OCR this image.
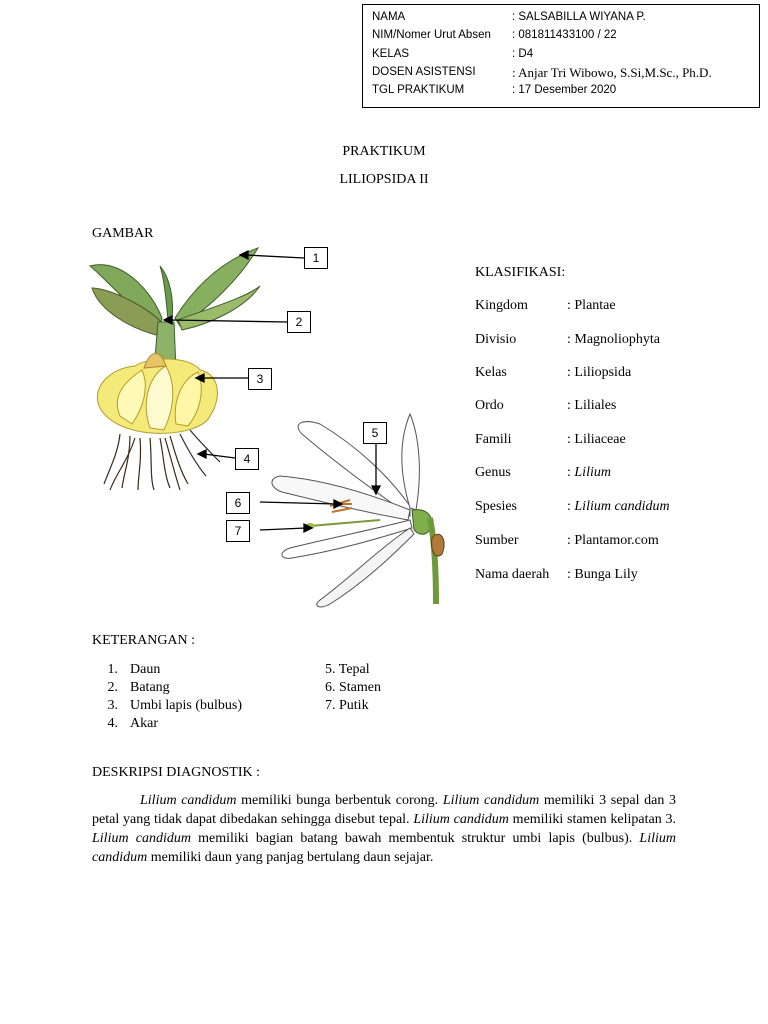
NAMA	: SALSABILLA WIYANA P.
NIM/Nomer Urut Absen	: 081811433100 / 22
KELAS	: D4
DOSEN ASISTENSI	: Anjar Tri Wibowo, S.Si,M.Sc., Ph.D.
TGL PRAKTIKUM	: 17 Desember 2020
PRAKTIKUM
LILIOPSIDA II
GAMBAR
1
2
3
4
5
6
7
KLASIFIKASI:
Kingdom	: Plantae
Divisio	: Magnoliophyta
Kelas	: Liliopsida
Ordo	: Liliales
Famili	: Liliaceae
Genus	: Lilium
Spesies	: Lilium candidum
Sumber	: Plantamor.com
Nama daerah : Bunga Lily
KETERANGAN :
1. Daun
2. Batang
3. Umbi lapis (bulbus)
4. Akar
5. Tepal
6. Stamen
7. Putik
DESKRIPSI DIAGNOSTIK :

Lilium candidum memiliki bunga berbentuk corong. Lilium candidum memiliki 3 sepal dan 3 petal yang tidak dapat dibedakan sehingga disebut tepal. Lilium candidum memiliki stamen kelipatan 3. Lilium candidum memiliki bagian batang bawah membentuk struktur umbi lapis (bulbus). Lilium candidum memiliki daun yang panjag bertulang daun sejajar.
